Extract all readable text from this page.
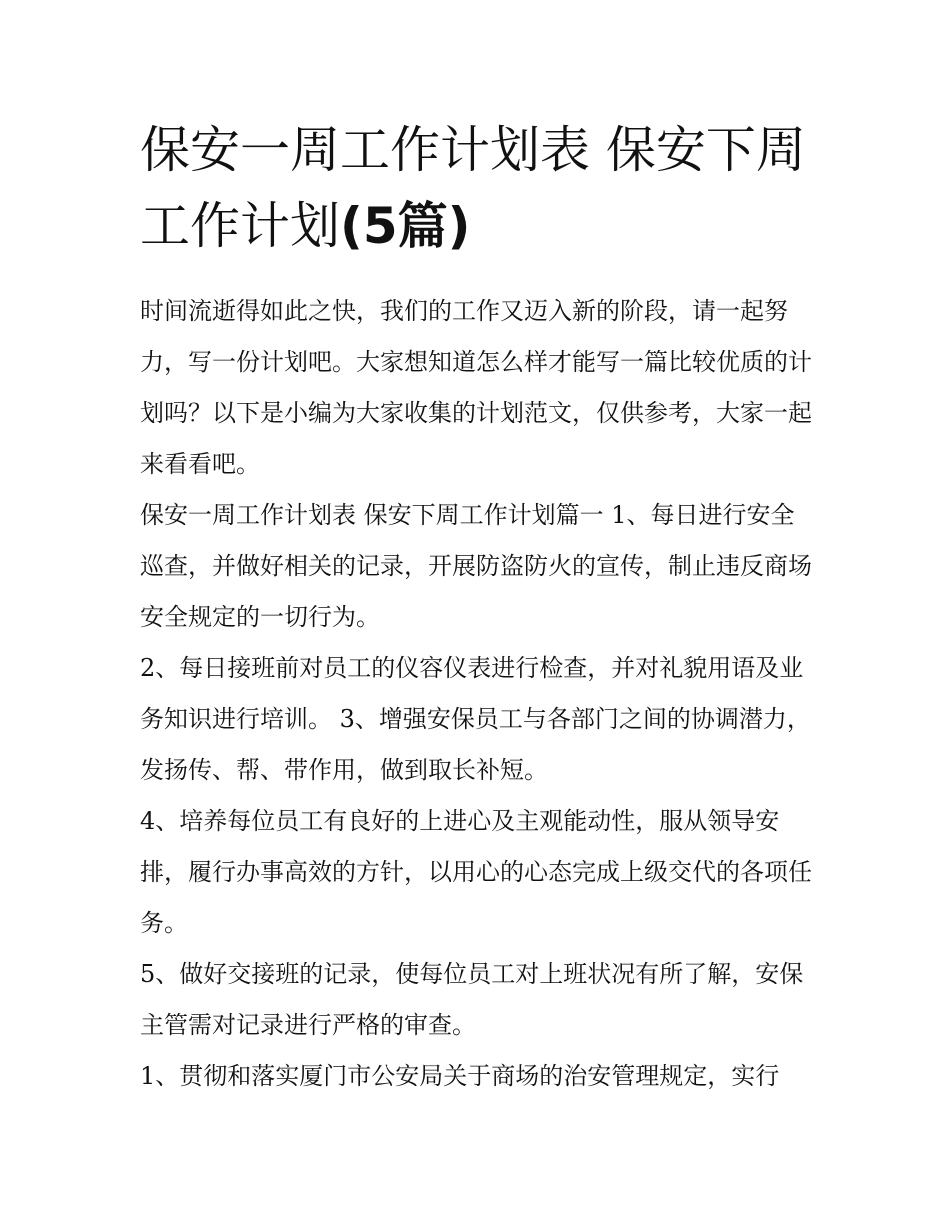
保安一周工作计划表 保安下周工作计划(5篇)

时间流逝得如此之快，我们的工作又迈入新的阶段，请一起努力，写一份计划吧。大家想知道怎么样才能写一篇比较优质的计划吗？以下是小编为大家收集的计划范文，仅供参考，大家一起来看看吧。

保安一周工作计划表 保安下周工作计划篇一 1、每日进行安全巡查，并做好相关的记录，开展防盗防火的宣传，制止违反商场安全规定的一切行为。

2、每日接班前对员工的仪容仪表进行检查，并对礼貌用语及业务知识进行培训。 3、增强安保员工与各部门之间的协调潜力，发扬传、帮、带作用，做到取长补短。

4、培养每位员工有良好的上进心及主观能动性，服从领导安排，履行办事高效的方针，以用心的心态完成上级交代的各项任务。

5、做好交接班的记录，使每位员工对上班状况有所了解，安保主管需对记录进行严格的审查。

1、贯彻和落实厦门市公安局关于商场的治安管理规定，实行
